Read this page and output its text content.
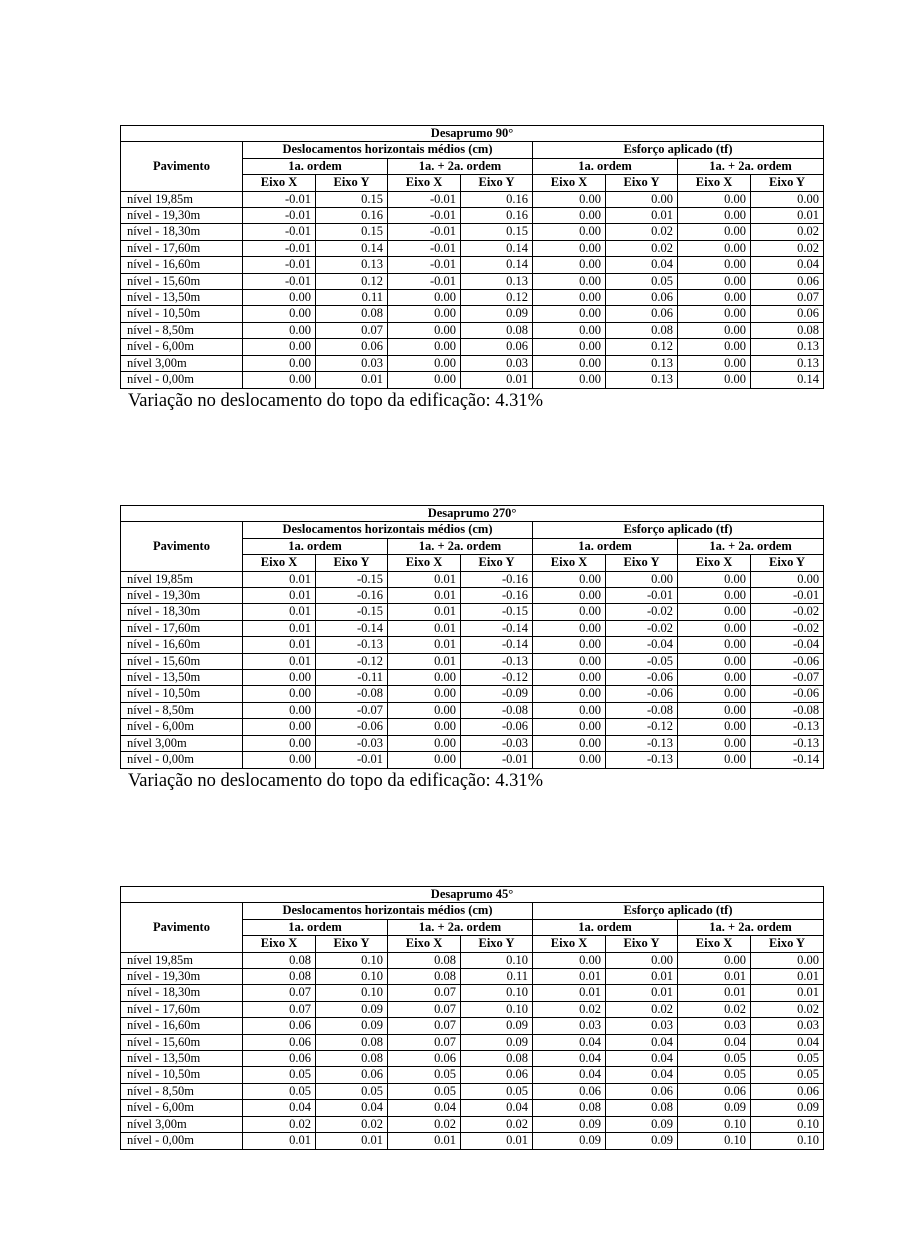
Desaprumo 90°								
Pavimento	Deslocamentos horizontais médios (cm)				Esforço aplicado (tf)			
	1a. ordem		1a. + 2a. ordem		1a. ordem		1a. + 2a. ordem	
	Eixo X	Eixo Y	Eixo X	Eixo Y	Eixo X	Eixo Y	Eixo X	Eixo Y
nível 19,85m	-0.01	0.15	-0.01	0.16	0.00	0.00	0.00	0.00
nível - 19,30m	-0.01	0.16	-0.01	0.16	0.00	0.01	0.00	0.01
nível - 18,30m	-0.01	0.15	-0.01	0.15	0.00	0.02	0.00	0.02
nível - 17,60m	-0.01	0.14	-0.01	0.14	0.00	0.02	0.00	0.02
nível - 16,60m	-0.01	0.13	-0.01	0.14	0.00	0.04	0.00	0.04
nível - 15,60m	-0.01	0.12	-0.01	0.13	0.00	0.05	0.00	0.06
nível - 13,50m	0.00	0.11	0.00	0.12	0.00	0.06	0.00	0.07
nível - 10,50m	0.00	0.08	0.00	0.09	0.00	0.06	0.00	0.06
nível - 8,50m	0.00	0.07	0.00	0.08	0.00	0.08	0.00	0.08
nível - 6,00m	0.00	0.06	0.00	0.06	0.00	0.12	0.00	0.13
nível 3,00m	0.00	0.03	0.00	0.03	0.00	0.13	0.00	0.13
nível - 0,00m	0.00	0.01	0.00	0.01	0.00	0.13	0.00	0.14
Variação no deslocamento do topo da edificação: 4.31%
Desaprumo 270°								
Pavimento	Deslocamentos horizontais médios (cm)				Esforço aplicado (tf)			
	1a. ordem		1a. + 2a. ordem		1a. ordem		1a. + 2a. ordem	
	Eixo X	Eixo Y	Eixo X	Eixo Y	Eixo X	Eixo Y	Eixo X	Eixo Y
nível 19,85m	0.01	-0.15	0.01	-0.16	0.00	0.00	0.00	0.00
nível - 19,30m	0.01	-0.16	0.01	-0.16	0.00	-0.01	0.00	-0.01
nível - 18,30m	0.01	-0.15	0.01	-0.15	0.00	-0.02	0.00	-0.02
nível - 17,60m	0.01	-0.14	0.01	-0.14	0.00	-0.02	0.00	-0.02
nível - 16,60m	0.01	-0.13	0.01	-0.14	0.00	-0.04	0.00	-0.04
nível - 15,60m	0.01	-0.12	0.01	-0.13	0.00	-0.05	0.00	-0.06
nível - 13,50m	0.00	-0.11	0.00	-0.12	0.00	-0.06	0.00	-0.07
nível - 10,50m	0.00	-0.08	0.00	-0.09	0.00	-0.06	0.00	-0.06
nível - 8,50m	0.00	-0.07	0.00	-0.08	0.00	-0.08	0.00	-0.08
nível - 6,00m	0.00	-0.06	0.00	-0.06	0.00	-0.12	0.00	-0.13
nível 3,00m	0.00	-0.03	0.00	-0.03	0.00	-0.13	0.00	-0.13
nível - 0,00m	0.00	-0.01	0.00	-0.01	0.00	-0.13	0.00	-0.14
Variação no deslocamento do topo da edificação: 4.31%
Desaprumo 45°								
Pavimento	Deslocamentos horizontais médios (cm)				Esforço aplicado (tf)			
	1a. ordem		1a. + 2a. ordem		1a. ordem		1a. + 2a. ordem	
	Eixo X	Eixo Y	Eixo X	Eixo Y	Eixo X	Eixo Y	Eixo X	Eixo Y
nível 19,85m	0.08	0.10	0.08	0.10	0.00	0.00	0.00	0.00
nível - 19,30m	0.08	0.10	0.08	0.11	0.01	0.01	0.01	0.01
nível - 18,30m	0.07	0.10	0.07	0.10	0.01	0.01	0.01	0.01
nível - 17,60m	0.07	0.09	0.07	0.10	0.02	0.02	0.02	0.02
nível - 16,60m	0.06	0.09	0.07	0.09	0.03	0.03	0.03	0.03
nível - 15,60m	0.06	0.08	0.07	0.09	0.04	0.04	0.04	0.04
nível - 13,50m	0.06	0.08	0.06	0.08	0.04	0.04	0.05	0.05
nível - 10,50m	0.05	0.06	0.05	0.06	0.04	0.04	0.05	0.05
nível - 8,50m	0.05	0.05	0.05	0.05	0.06	0.06	0.06	0.06
nível - 6,00m	0.04	0.04	0.04	0.04	0.08	0.08	0.09	0.09
nível 3,00m	0.02	0.02	0.02	0.02	0.09	0.09	0.10	0.10
nível - 0,00m	0.01	0.01	0.01	0.01	0.09	0.09	0.10	0.10
